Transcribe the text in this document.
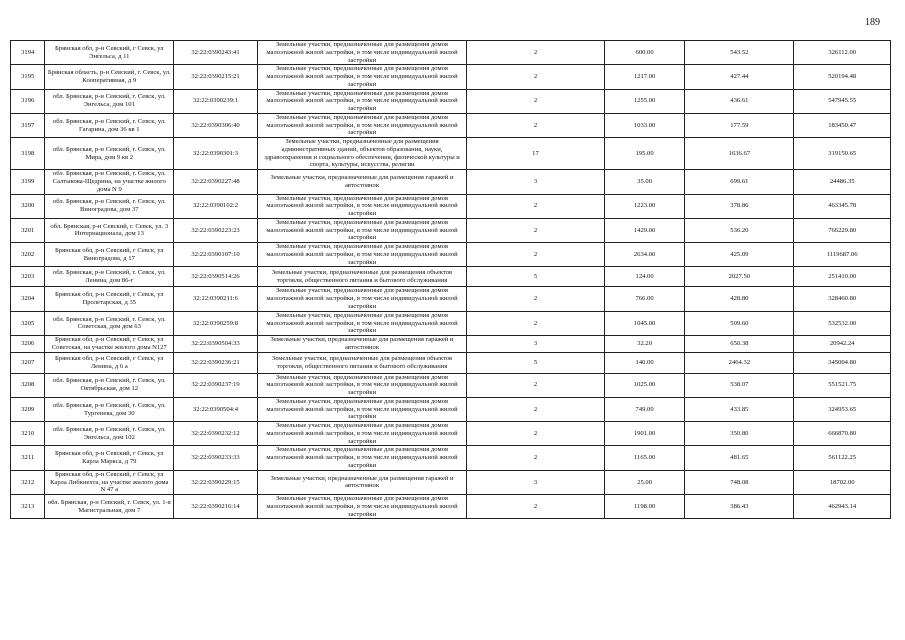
189
3194	Брянская обл, р-н Севский, г Севск, ул Энгельса, д 11	32:22:0390243:41	Земельные участки, предназначенные для размещения домов малоэтажной жилой застройки, в том числе индивидуальной жилой застройки	2	600.00	543.52	326112.00
3195	Брянская область, р-н Севский, г. Севск, ул. Кооперативная, д 9	32:22:0390215:21	Земельные участки, предназначенные для размещения домов малоэтажной жилой застройки, в том числе индивидуальной жилой застройки	2	1217.00	427.44	520194.48
3196	обл. Брянская, р-н Севский, г. Севск, ул. Энгельса, дом 101	32:22:0390239:1	Земельные участки, предназначенные для размещения домов малоэтажной жилой застройки, в том числе индивидуальной жилой застройки	2	1255.00	436.61	547945.55
3197	обл. Брянская, р-н Севский, г. Севск, ул. Гагарина, дом 36 кв 1	32:22:0390306:40	Земельные участки, предназначенные для размещения домов малоэтажной жилой застройки, в том числе индивидуальной жилой застройки	2	1033.00	177.59	183450.47
3198	обл. Брянская, р-н Севский, г. Севск, ул. Мира, дом 9 кв 2	32:22:0390301:3	Земельные участки, предназначенные для размещения административных зданий, объектов образования, науки, здравоохранения и социального обеспечения, физической культуры и спорта, культуры, искусства, религии	17	195.00	1636.67	319150.65
3199	обл. Брянская, р-н Севский, г. Севск, ул. Салтыкова-Щедрина, на участке жилого дома N 9	32:22:0390227:48	Земельные участки, предназначенные для размещения гаражей и автостоянок	3	35.00	699.61	24486.35
3200	обл. Брянская, р-н Севский, г. Севск, ул. Виноградова, дом 37	32:22:0390102:2	Земельные участки, предназначенные для размещения домов малоэтажной жилой застройки, в том числе индивидуальной жилой застройки	2	1223.00	378.86	463345.78
3201	обл. Брянская, р-н Севский, г. Севск, ул. 3 Интернационала, дом 13	32:22:0390223:23	Земельные участки, предназначенные для размещения домов малоэтажной жилой застройки, в том числе индивидуальной жилой застройки	2	1429.00	536.20	766229.80
3202	Брянская обл, р-н Севский, г Севск, ул Виноградова, д 17	32:22:0390107:10	Земельные участки, предназначенные для размещения домов малоэтажной жилой застройки, в том числе индивидуальной жилой застройки	2	2634.00	425.09	1119687.06
3203	обл. Брянская, р-н Севский, г. Севск, ул. Ленина, дом 86-г	32:22:0390514:26	Земельные участки, предназначенные для размещения объектов торговли, общественного питания и бытового обслуживания	5	124.00	2027.50	251410.00
3204	Брянская обл, р-н Севский, г Севск, ул Пролетарская, д 35	32:22:0390211:6	Земельные участки, предназначенные для размещения домов малоэтажной жилой застройки, в том числе индивидуальной жилой застройки	2	766.00	428.80	328460.80
3205	обл. Брянская, р-н Севский, г. Севск, ул. Советская, дом дом 63	32:22:0390259:8	Земельные участки, предназначенные для размещения домов малоэтажной жилой застройки, в том числе индивидуальной жилой застройки	2	1045.00	509.60	532532.00
3206	Брянская обл, р-н Севский, г Севск, ул Советская, на участке жилого дома N127	32:22:0390504:33	Земельные участки, предназначенные для размещения гаражей и автостоянок	3	32.20	650.38	20942.24
3207	Брянская обл, р-н Севский, г Севск, ул Ленина, д 6 а	32:22:0390236:21	Земельные участки, предназначенные для размещения объектов торговли, общественного питания и бытового обслуживания	5	140.00	2464.32	345004.80
3208	обл. Брянская, р-н Севский, г. Севск, ул. Октябрьская, дом 12	32:22:0390237:19	Земельные участки, предназначенные для размещения домов малоэтажной жилой застройки, в том числе индивидуальной жилой застройки	2	1025.00	538.07	551521.75
3209	обл. Брянская, р-н Севский, г. Севск, ул. Тургенева, дом 30	32:22:0390504:4	Земельные участки, предназначенные для размещения домов малоэтажной жилой застройки, в том числе индивидуальной жилой застройки	2	749.00	433.85	324953.65
3210	обл. Брянская, р-н Севский, г. Севск, ул. Энгельса, дом 102	32:22:0390232:12	Земельные участки, предназначенные для размещения домов малоэтажной жилой застройки, в том числе индивидуальной жилой застройки	2	1901.00	350.80	666870.80
3211	Брянская обл, р-н Севский, г Севск, ул Карла Маркса, д 79	32:22:0390233:33	Земельные участки, предназначенные для размещения домов малоэтажной жилой застройки, в том числе индивидуальной жилой застройки	2	1165.00	481.65	561122.25
3212	Брянская обл, р-н Севский, г Севск, ул Карла Либкнехта, на участке жилого дома N 47 а	32:22:0390229:15	Земельные участки, предназначенные для размещения гаражей и автостоянок	3	25.00	748.08	18702.00
3213	обл. Брянская, р-н Севский, г. Севск, ул. 1-я Магистральная, дом 7	32:22:0390216:14	Земельные участки, предназначенные для размещения домов малоэтажной жилой застройки, в том числе индивидуальной жилой застройки	2	1198.00	386.43	462943.14
